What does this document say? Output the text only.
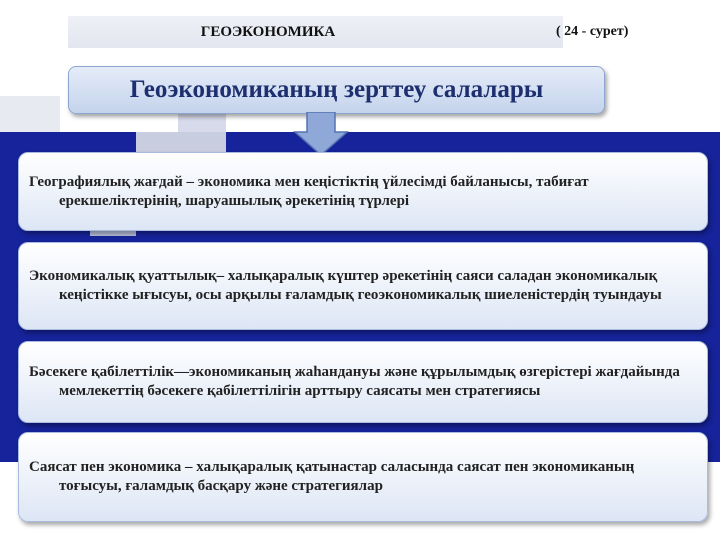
ГЕОЭКОНОМИКА	( 24 - сурет)
Геоэкономиканың зерттеу салалары
Географиялық жағдай – экономика мен кеңістіктің үйлесімді байланысы, табиғат ерекшеліктерінің, шаруашылық әрекетінің түрлері
Экономикалық қуаттылық– халықаралық күштер әрекетінің саяси саладан экономикалық кеңістікке ығысуы, осы арқылы ғаламдық геоэкономикалық шиеленістердің туындауы
Бәсекеге қабілеттілік—экономиканың жаһандануы және құрылымдық өзгерістері жағдайында мемлекеттің бәсекеге қабілеттілігін арттыру саясаты мен стратегиясы
Саясат пен экономика – халықаралық қатынастар саласында саясат пен экономиканың тоғысуы, ғаламдық басқару және стратегиялар
